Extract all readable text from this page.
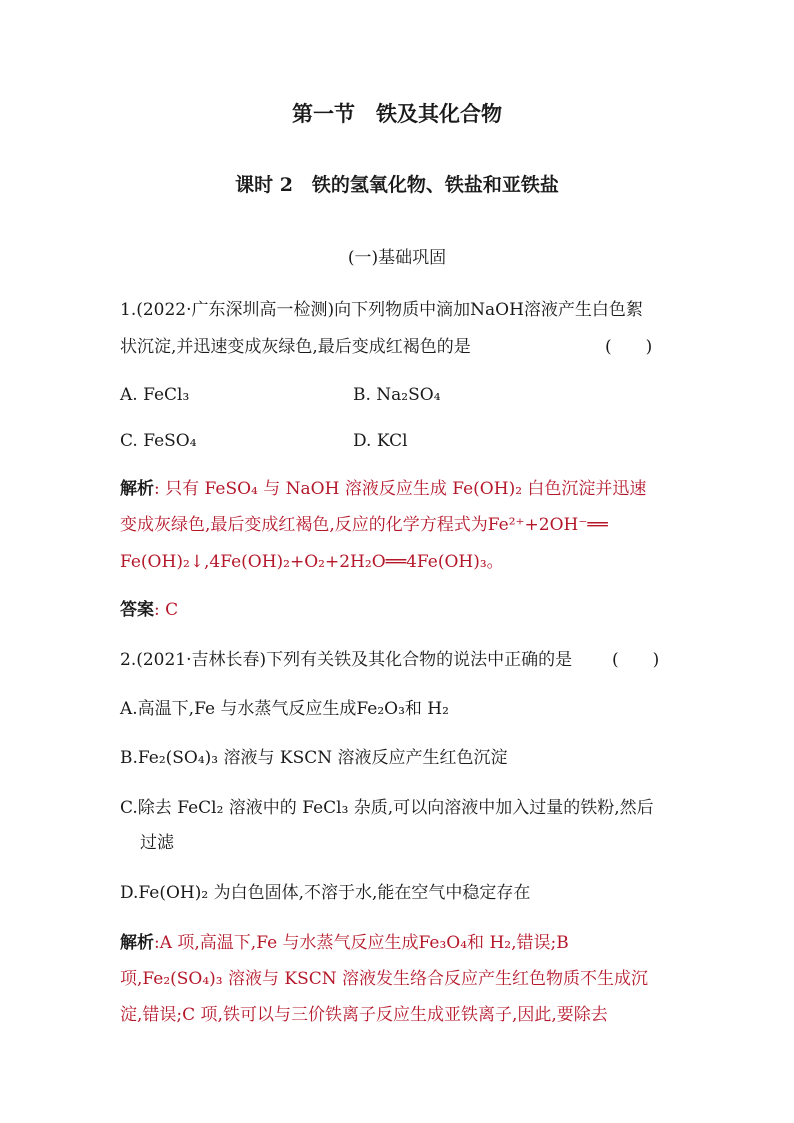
第一节　铁及其化合物
课时 2　铁的氢氧化物、铁盐和亚铁盐
(一)基础巩固
1.(2022·广东深圳高一检测)向下列物质中滴加NaOH溶液产生白色絮
状沉淀,并迅速变成灰绿色,最后变成红褐色的是	(　　)
A. FeCl₃	B. Na₂SO₄
C. FeSO₄	D. KCl
解析: 只有 FeSO₄ 与 NaOH 溶液反应生成 Fe(OH)₂ 白色沉淀并迅速
变成灰绿色,最后变成红褐色,反应的化学方程式为Fe²⁺+2OH⁻══
Fe(OH)₂↓,4Fe(OH)₂+O₂+2H₂O══4Fe(OH)₃。
答案: C
2.(2021·吉林长春)下列有关铁及其化合物的说法中正确的是 (　　)
A.高温下,Fe 与水蒸气反应生成Fe₂O₃和 H₂
B.Fe₂(SO₄)₃ 溶液与 KSCN 溶液反应产生红色沉淀
C.除去 FeCl₂ 溶液中的 FeCl₃ 杂质,可以向溶液中加入过量的铁粉,然后
过滤
D.Fe(OH)₂ 为白色固体,不溶于水,能在空气中稳定存在
解析:A 项,高温下,Fe 与水蒸气反应生成Fe₃O₄和 H₂,错误;B
项,Fe₂(SO₄)₃ 溶液与 KSCN 溶液发生络合反应产生红色物质不生成沉
淀,错误;C 项,铁可以与三价铁离子反应生成亚铁离子,因此,要除去
